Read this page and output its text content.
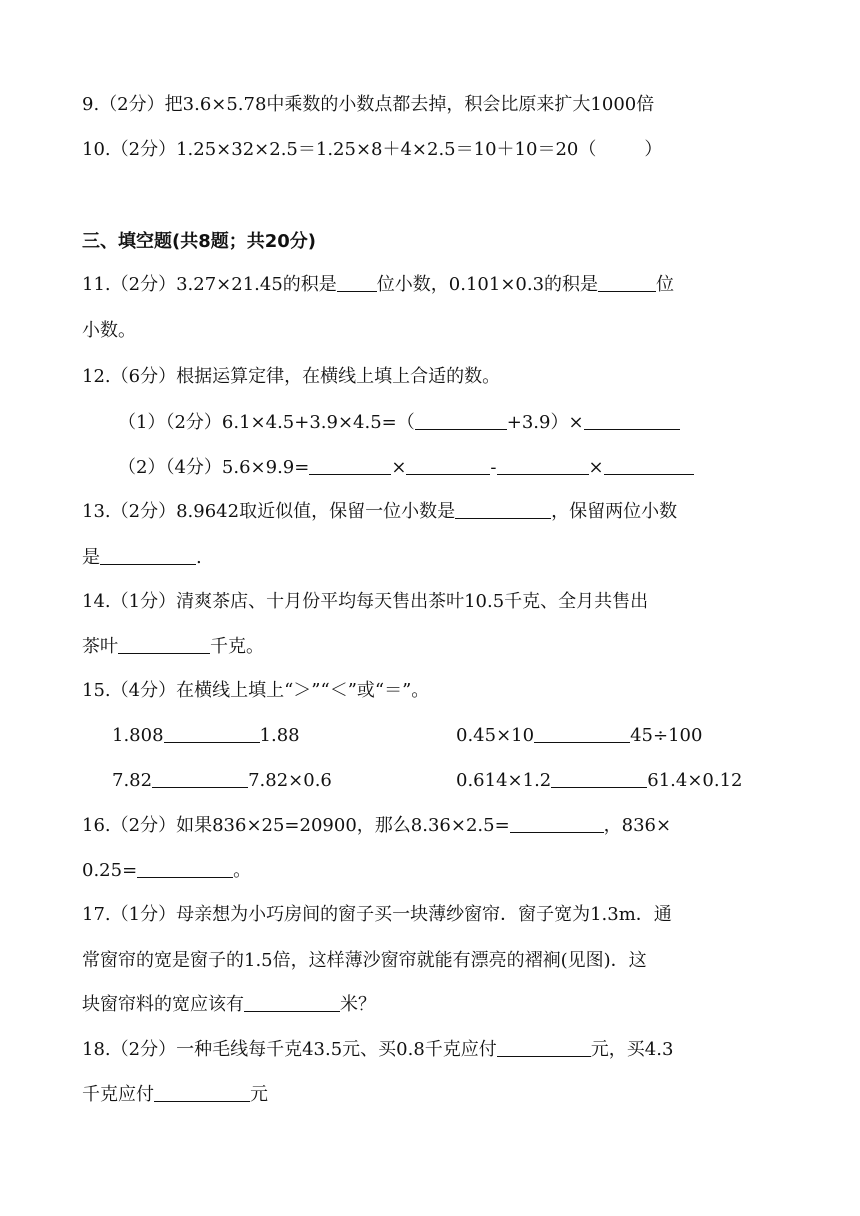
9.（2分）把3.6×5.78中乘数的小数点都去掉，积会比原来扩大1000倍
10.（2分）1.25×32×2.5＝1.25×8＋4×2.5＝10＋10＝20（	）
三、填空题(共8题；共20分)
11.（2分）3.27×21.45的积是 位小数，0.101×0.3的积是	位
小数。
12.（6分）根据运算定律，在横线上填上合适的数。
（1）（2分）6.1×4.5+3.9×4.5=（	+3.9）×
（2）（4分）5.6×9.9=	×	-	×
13.（2分）8.9642取近似值，保留一位小数是	，保留两位小数
是	.
14.（1分）清爽茶店、十月份平均每天售出茶叶10.5千克、全月共售出
茶叶	千克。
15.（4分）在横线上填上“＞”“＜”或“＝”。
1.808	1.88	0.45×10	45÷100
7.82	7.82×0.6	0.614×1.2	61.4×0.12
16.（2分）如果836×25=20900，那么8.36×2.5=	，836×
0.25=	。
17.（1分）母亲想为小巧房间的窗子买一块薄纱窗帘．窗子宽为1.3m．通
常窗帘的宽是窗子的1.5倍，这样薄沙窗帘就能有漂亮的褶裥(见图)．这
块窗帘料的宽应该有	米？
18.（2分）一种毛线每千克43.5元、买0.8千克应付	元，买4.3
千克应付	元
